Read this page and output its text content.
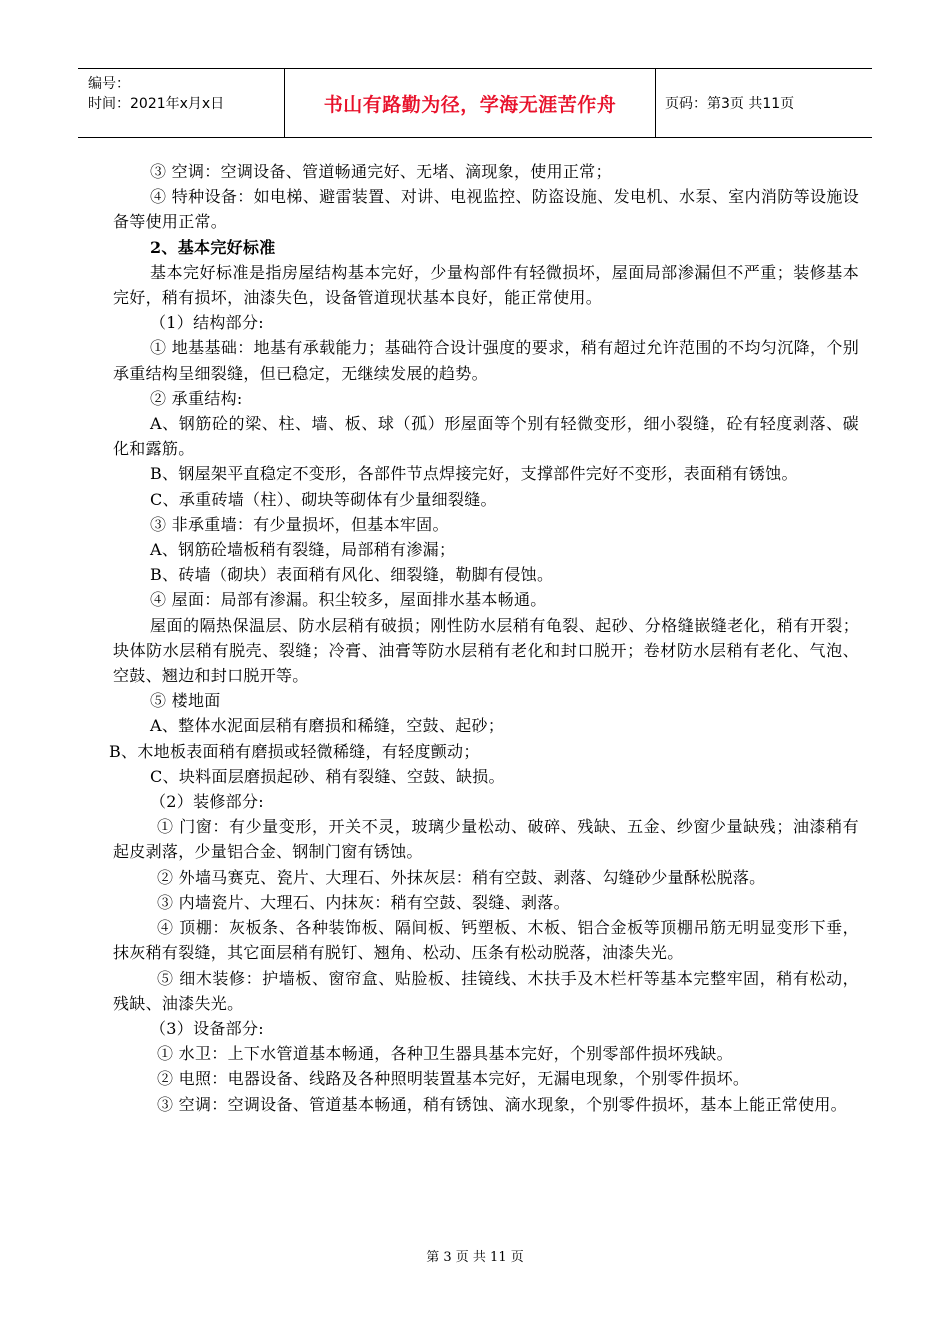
编号：
时间：2021年x月x日	书山有路勤为径，学海无涯苦作舟	页码：第3页 共11页

③ 空调：空调设备、管道畅通完好、无堵、滴现象，使用正常；

④ 特种设备：如电梯、避雷装置、对讲、电视监控、防盗设施、发电机、水泵、室内消防等设施设备等使用正常。

2、基本完好标准

基本完好标准是指房屋结构基本完好，少量构部件有轻微损坏，屋面局部渗漏但不严重；装修基本完好，稍有损坏，油漆失色，设备管道现状基本良好，能正常使用。

（1）结构部分:

① 地基基础：地基有承载能力；基础符合设计强度的要求，稍有超过允许范围的不均匀沉降，个别承重结构呈细裂缝，但已稳定，无继续发展的趋势。

② 承重结构:

A、钢筋砼的梁、柱、墙、板、球（孤）形屋面等个别有轻微变形，细小裂缝，砼有轻度剥落、碳化和露筋。

B、钢屋架平直稳定不变形，各部件节点焊接完好，支撑部件完好不变形，表面稍有锈蚀。

C、承重砖墙（柱）、砌块等砌体有少量细裂缝。

③ 非承重墙：有少量损坏，但基本牢固。

A、钢筋砼墙板稍有裂缝，局部稍有渗漏；

B、砖墙（砌块）表面稍有风化、细裂缝，勒脚有侵蚀。

④ 屋面：局部有渗漏。积尘较多，屋面排水基本畅通。

屋面的隔热保温层、防水层稍有破损；刚性防水层稍有龟裂、起砂、分格缝嵌缝老化，稍有开裂；块体防水层稍有脱壳、裂缝；冷膏、油膏等防水层稍有老化和封口脱开；卷材防水层稍有老化、气泡、空鼓、翘边和封口脱开等。

⑤ 楼地面

A、整体水泥面层稍有磨损和稀缝，空鼓、起砂；

B、木地板表面稍有磨损或轻微稀缝，有轻度颤动；

C、块料面层磨损起砂、稍有裂缝、空鼓、缺损。

（2）装修部分:

① 门窗：有少量变形，开关不灵，玻璃少量松动、破碎、残缺、五金、纱窗少量缺残；油漆稍有起皮剥落，少量铝合金、钢制门窗有锈蚀。

② 外墙马赛克、瓷片、大理石、外抹灰层：稍有空鼓、剥落、勾缝砂少量酥松脱落。

③ 内墙瓷片、大理石、内抹灰：稍有空鼓、裂缝、剥落。

④ 顶棚：灰板条、各种装饰板、隔间板、钙塑板、木板、铝合金板等顶棚吊筋无明显变形下垂，抹灰稍有裂缝，其它面层稍有脱钉、翘角、松动、压条有松动脱落，油漆失光。

⑤ 细木装修：护墙板、窗帘盒、贴脸板、挂镜线、木扶手及木栏杆等基本完整牢固，稍有松动，残缺、油漆失光。

（3）设备部分:

① 水卫：上下水管道基本畅通，各种卫生器具基本完好，个别零部件损坏残缺。

② 电照：电器设备、线路及各种照明装置基本完好，无漏电现象，个别零件损坏。

③ 空调：空调设备、管道基本畅通，稍有锈蚀、滴水现象，个别零件损坏，基本上能正常使用。

第 3 页 共 11 页
